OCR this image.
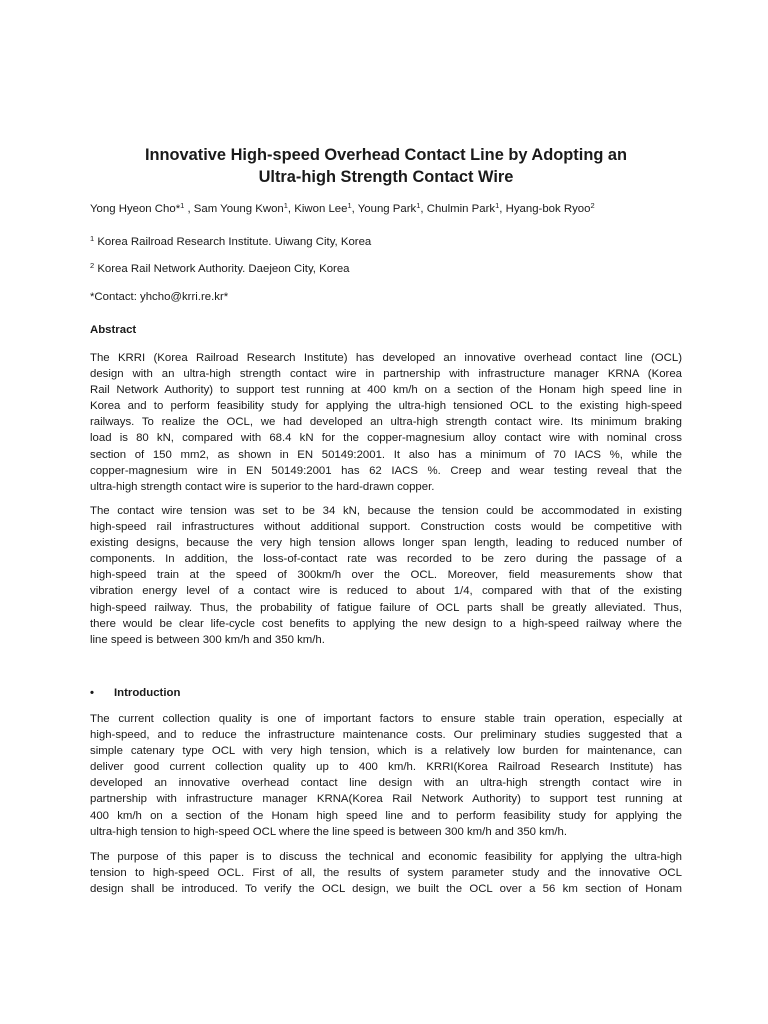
Innovative High-speed Overhead Contact Line by Adopting an
Ultra-high Strength Contact Wire

Yong Hyeon Cho*$^1$ , Sam Young Kwon$^1$, Kiwon Lee$^1$, Young Park$^1$, Chulmin Park$^1$, Hyang-bok Ryoo$^2$

$^1$ Korea Railroad Research Institute. Uiwang City, Korea

$^2$ Korea Rail Network Authority. Daejeon City, Korea

*Contact: yhcho@krri.re.kr*

Abstract
The KRRI (Korea Railroad Research Institute) has developed an innovative overhead contact line (OCL)
design with an ultra-high strength contact wire in partnership with infrastructure manager KRNA (Korea
Rail Network Authority) to support test running at 400 km/h on a section of the Honam high speed line in
Korea and to perform feasibility study for applying the ultra-high tensioned OCL to the existing high-speed
railways. To realize the OCL, we had developed an ultra-high strength contact wire. Its minimum braking
load is 80 kN, compared with 68.4 kN for the copper-magnesium alloy contact wire with nominal cross
section of 150 mm2, as shown in EN 50149:2001. It also has a minimum of 70 IACS %, while the
copper-magnesium wire in EN 50149:2001 has 62 IACS %. Creep and wear testing reveal that the
ultra-high strength contact wire is superior to the hard-drawn copper.
The contact wire tension was set to be 34 kN, because the tension could be accommodated in existing
high-speed rail infrastructures without additional support. Construction costs would be competitive with
existing designs, because the very high tension allows longer span length, leading to reduced number of
components. In addition, the loss-of-contact rate was recorded to be zero during the passage of a
high-speed train at the speed of 300km/h over the OCL. Moreover, field measurements show that
vibration energy level of a contact wire is reduced to about 1/4, compared with that of the existing
high-speed railway. Thus, the probability of fatigue failure of OCL parts shall be greatly alleviated. Thus,
there would be clear life-cycle cost benefits to applying the new design to a high-speed railway where the
line speed is between 300 km/h and 350 km/h.
• Introduction
The current collection quality is one of important factors to ensure stable train operation, especially at
high-speed, and to reduce the infrastructure maintenance costs. Our preliminary studies suggested that a
simple catenary type OCL with very high tension, which is a relatively low burden for maintenance, can
deliver good current collection quality up to 400 km/h. KRRI(Korea Railroad Research Institute) has
developed an innovative overhead contact line design with an ultra-high strength contact wire in
partnership with infrastructure manager KRNA(Korea Rail Network Authority) to support test running at
400 km/h on a section of the Honam high speed line and to perform feasibility study for applying the
ultra-high tension to high-speed OCL where the line speed is between 300 km/h and 350 km/h.
The purpose of this paper is to discuss the technical and economic feasibility for applying the ultra-high
tension to high-speed OCL. First of all, the results of system parameter study and the innovative OCL
design shall be introduced. To verify the OCL design, we built the OCL over a 56 km section of Honam
